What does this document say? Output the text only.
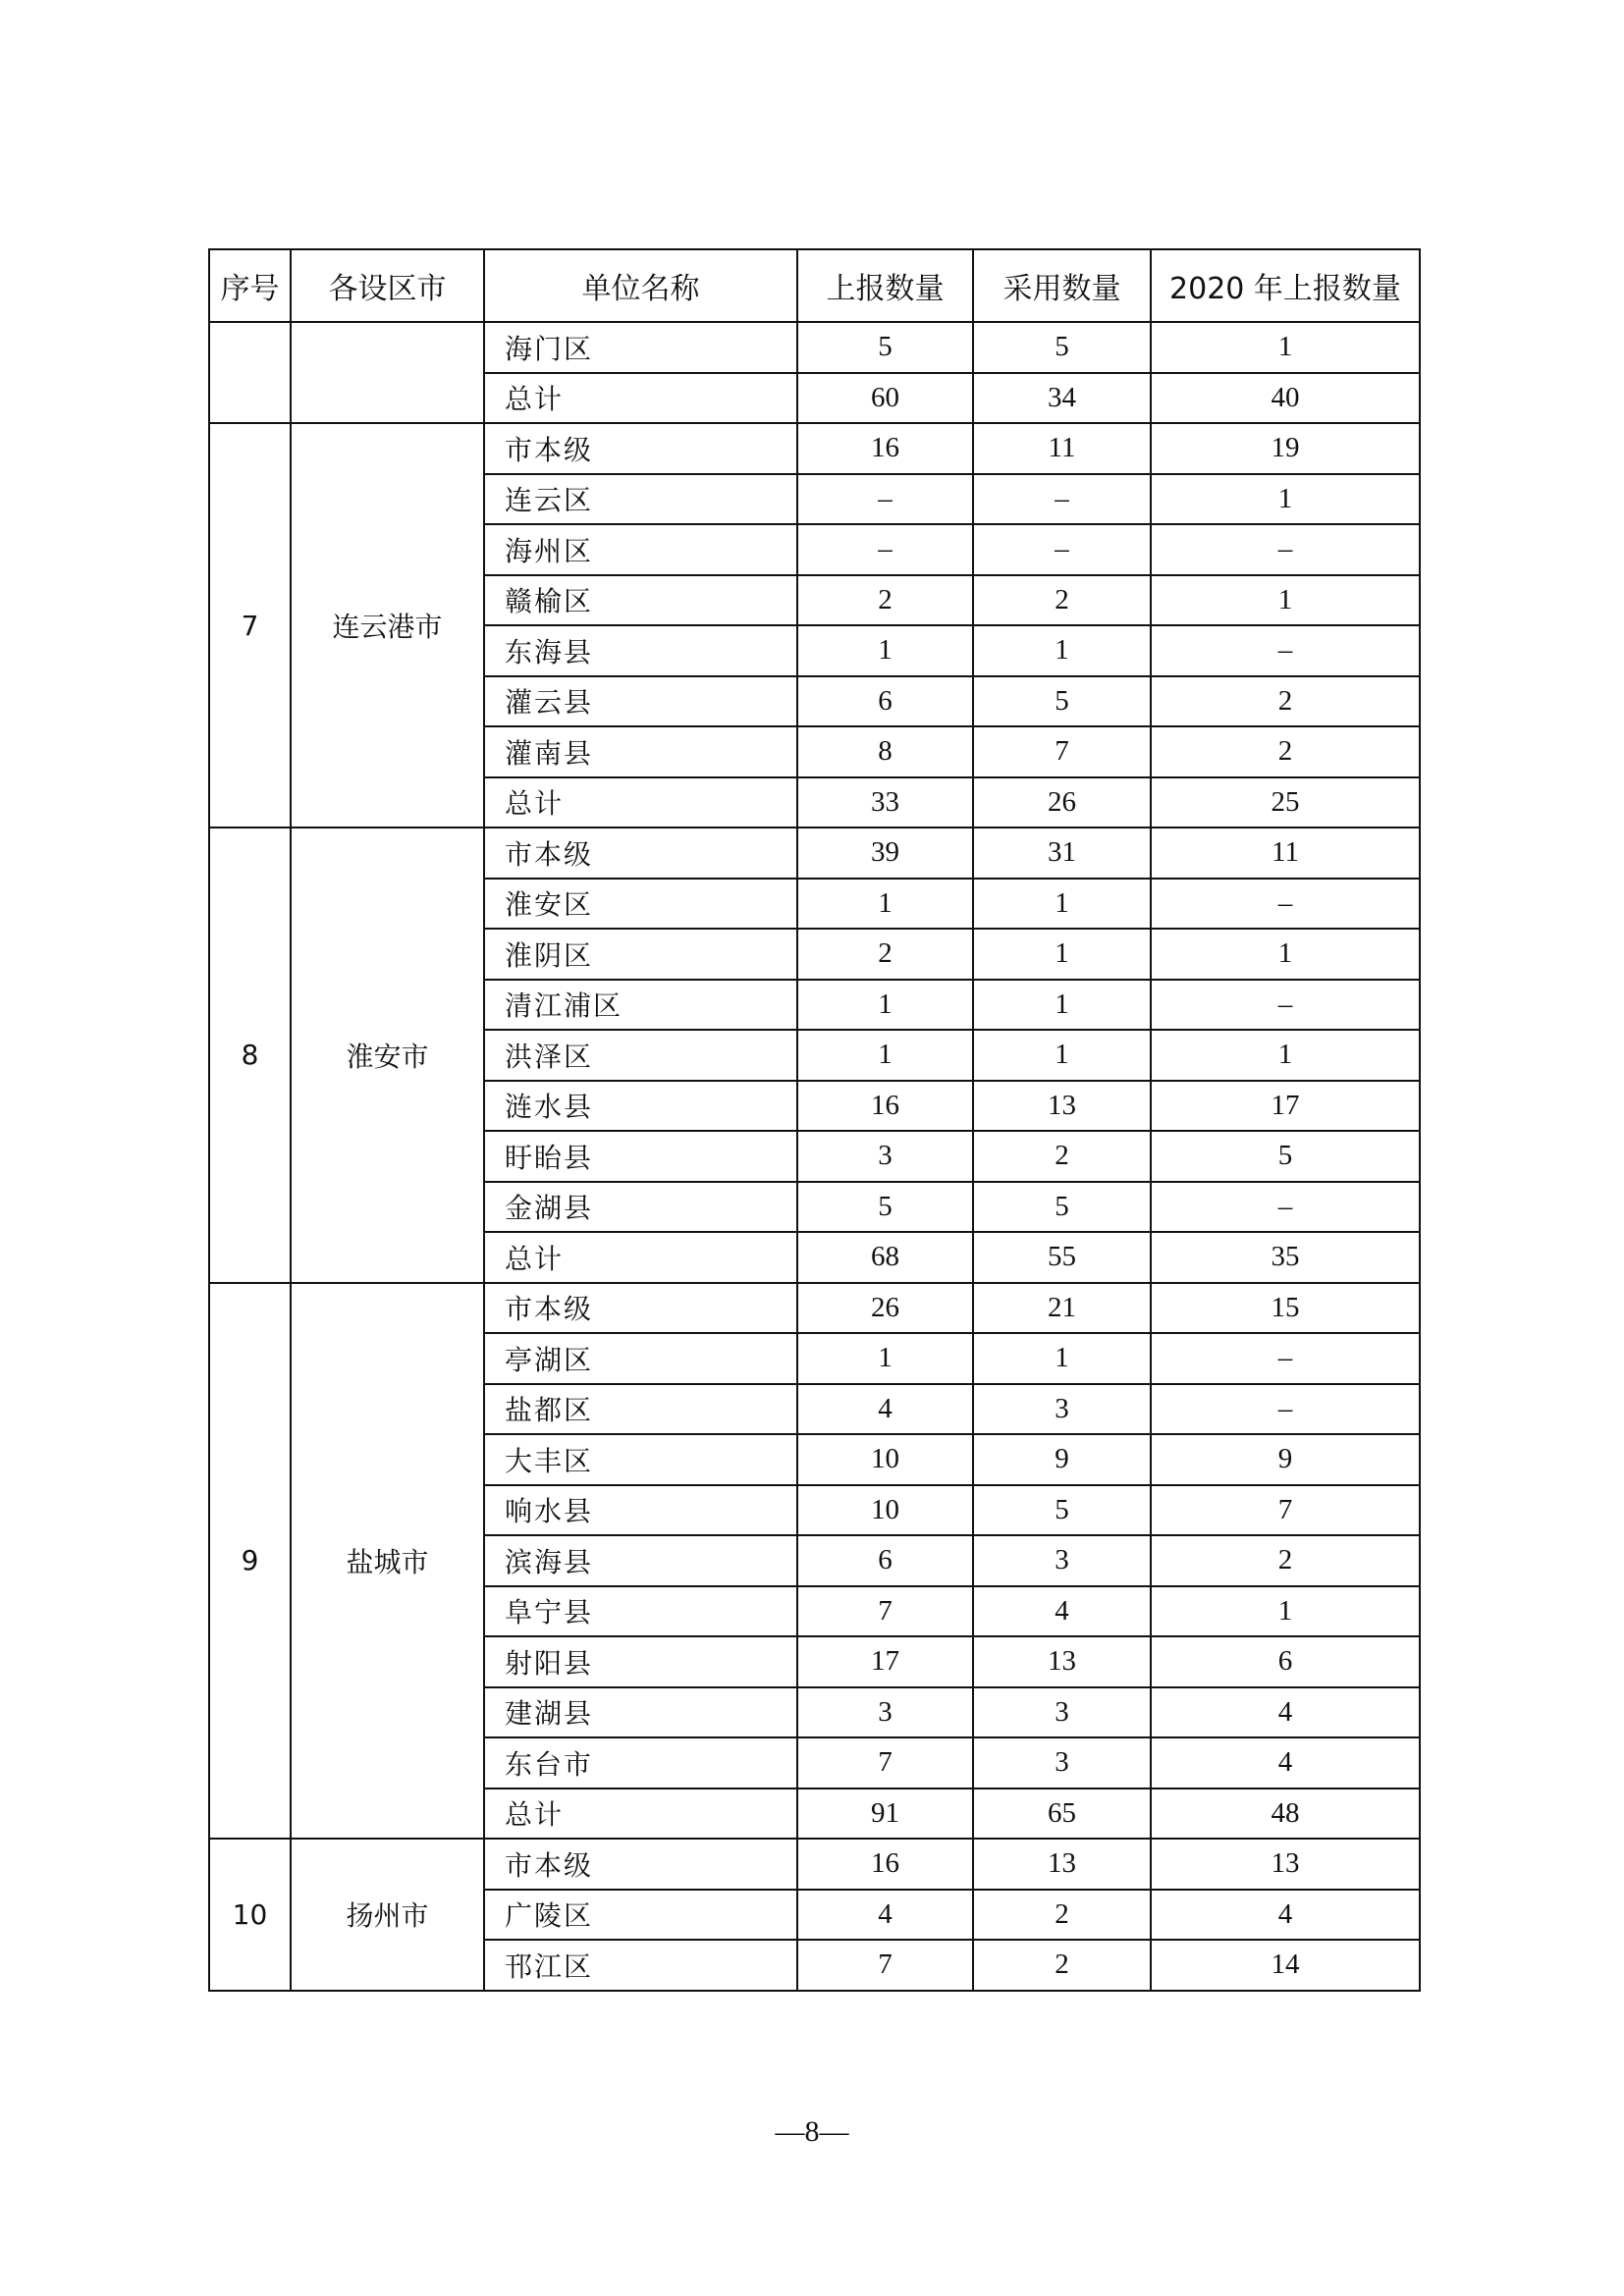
序号	各设区市	单位名称	上报数量	采用数量	2020 年上报数量
		海门区	5	5	1
		总计	60	34	40
7	连云港市	市本级	16	11	19
		连云区	–	–	1
		海州区	–	–	–
		赣榆区	2	2	1
		东海县	1	1	–
		灌云县	6	5	2
		灌南县	8	7	2
		总计	33	26	25
8	淮安市	市本级	39	31	11
		淮安区	1	1	–
		淮阴区	2	1	1
		清江浦区	1	1	–
		洪泽区	1	1	1
		涟水县	16	13	17
		盱眙县	3	2	5
		金湖县	5	5	–
		总计	68	55	35
9	盐城市	市本级	26	21	15
		亭湖区	1	1	–
		盐都区	4	3	–
		大丰区	10	9	9
		响水县	10	5	7
		滨海县	6	3	2
		阜宁县	7	4	1
		射阳县	17	13	6
		建湖县	3	3	4
		东台市	7	3	4
		总计	91	65	48
10	扬州市	市本级	16	13	13
		广陵区	4	2	4
		邗江区	7	2	14
—8—
